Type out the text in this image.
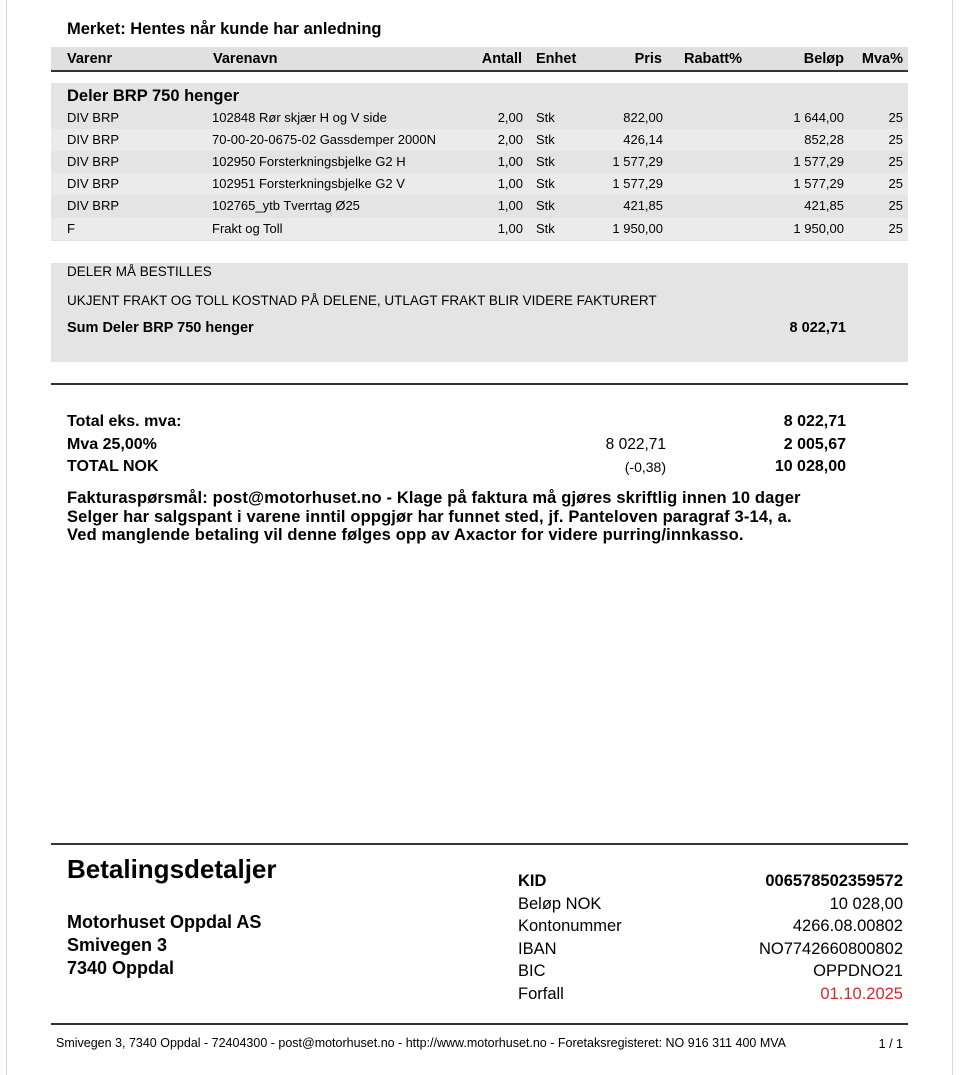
Merket: Hentes når kunde har anledning
Varenr	Varenavn	Antall Enhet	Pris Rabatt%	Beløp Mva%
Deler BRP 750 henger
DIV BRP	102848 Rør skjær H og V side	2,00 Stk	822,00	1 644,00	25
DIV BRP	70-00-20-0675-02 Gassdemper 2000N	2,00 Stk	426,14	852,28	25
DIV BRP	102950 Forsterkningsbjelke G2 H	1,00 Stk	1 577,29	1 577,29	25
DIV BRP	102951 Forsterkningsbjelke G2 V	1,00 Stk	1 577,29	1 577,29	25
DIV BRP	102765_ytb Tverrtag Ø25	1,00 Stk	421,85	421,85	25
F	Frakt og Toll	1,00 Stk	1 950,00	1 950,00	25
DELER MÅ BESTILLES
UKJENT FRAKT OG TOLL KOSTNAD PÅ DELENE, UTLAGT FRAKT BLIR VIDERE FAKTURERT
Sum Deler BRP 750 henger	8 022,71
Total eks. mva:	8 022,71
Mva 25,00%	8 022,71	2 005,67
TOTAL NOK	(-0,38)	10 028,00
Fakturaspørsmål: post@motorhuset.no - Klage på faktura må gjøres skriftlig innen 10 dager
Selger har salgspant i varene inntil oppgjør har funnet sted, jf. Panteloven paragraf 3-14, a.
Ved manglende betaling vil denne følges opp av Axactor for videre purring/innkasso.
Betalingsdetaljer
Motorhuset Oppdal AS
Smivegen 3
7340 Oppdal
KID	006578502359572
Beløp NOK	10 028,00
Kontonummer	4266.08.00802
IBAN	NO7742660800802
BIC	OPPDNO21
Forfall	01.10.2025
Smivegen 3, 7340 Oppdal - 72404300 - post@motorhuset.no - http://www.motorhuset.no - Foretaksregisteret: NO 916 311 400 MVA	1 / 1
